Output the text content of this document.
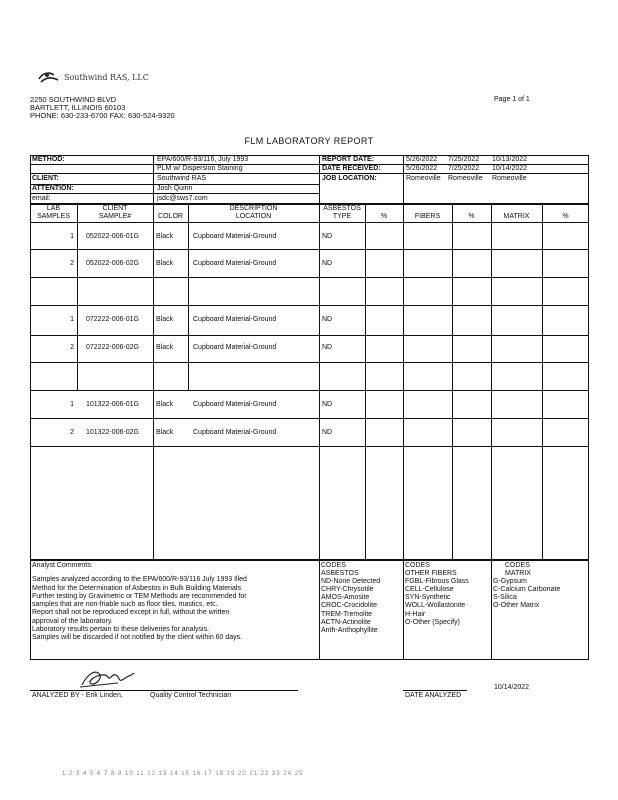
Southwind RAS, LLC
2250 SOUTHWIND BLVD
BARTLETT, ILLINOIS 60103
PHONE: 630-233-6700 FAX: 630-524-9320
Page 1 of 1
FLM LABORATORY REPORT
METHOD:	EPA/600/R-93/116, July 1993
PLM w/ Dispersion Staining
CLIENT:	Southwind RAS
ATTENTION:	Josh Quinn
email:	jsdc@sws7.com
REPORT DATE:	5/26/2022 7/25/2022 10/13/2022
DATE RECEIVED:	5/26/2022 7/25/2022 10/14/2022
JOB LOCATION:	Romeoville Romeoville Romeoville
LAB
SAMPLES
CLIENT
SAMPLE#	COLOR
DESCRIPTION
LOCATION
ASBESTOS
TYPE	%	FIBERS	%	MATRIX	%
1 052022-006-01G Black	Cupboard Material-Ground	ND
2 052022-006-02G Black	Cupboard Material-Ground	ND
1 072222-006-01G Black	Cupboard Material-Ground	ND
2 072222-006-02G Black	Cupboard Material-Ground	ND
1 101322-006-01G Black	Cupboard Material-Ground	ND
2 101322-006-02G Black	Cupboard Material-Ground	ND
Analyst Comments:
Samples analyzed according to the EPA/600/R-93/116 July 1993 Illed
Method for the Determination of Asbestos in Bulk Building Materials
Further testing by Gravimetric or TEM Methods are recommended for
samples that are non-friable such as floor tiles, mastics, etc.
Report shall not be reproduced except in full, without the written
approval of the laboratory.
Laboratory results pertain to these deliveries for analysis.
Samples will be discarded if not notified by the client within 60 days.
CODES
ASBESTOS
ND-None Detected
CHRY-Chrysotile
AMOS-Amosite
CROC-Crocidolite
TREM-Tremolite
ACTN-Actinolite
Anth-Anthophyllite
CODES
OTHER FIBERS
FGBL-Fibrous Glass
CELL-Cellulose
SYN-Synthetic
WOLL-Wollastonite
H-Hair
O-Other (Specify)
CODES
MATRIX
G-Gypsum
C-Calcium Carbonate
S-Silica
O-Other Matrix
ANALYZED BY - Erik Linden,	Quality Control Technician
10/14/2022
DATE ANALYZED
1 2 3 4 5 6 7 8 9 10 11 12 13 14 15 16 17 18 19 20 21 22 23 24 25
